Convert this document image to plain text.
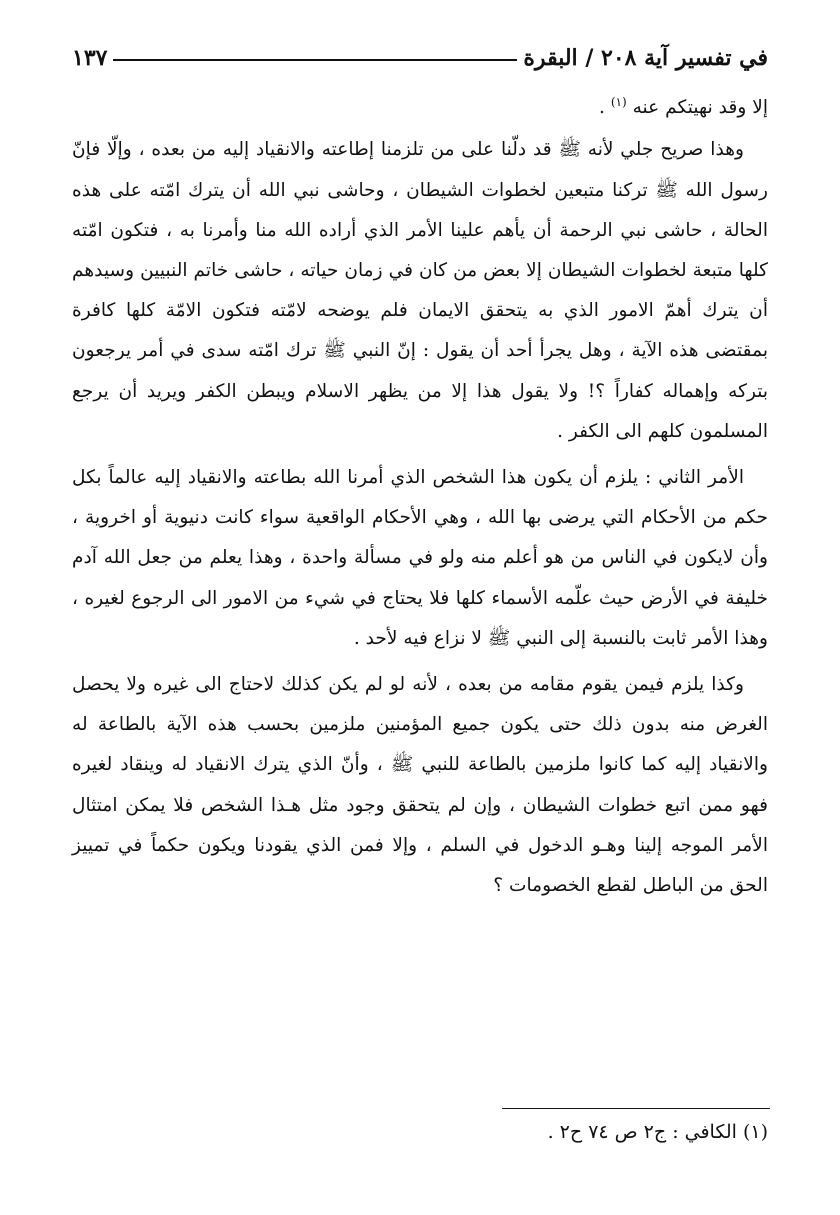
في تفسير آية ٢٠٨ / البقرة
١٣٧

إلا وقد نهيتكم عنه $^{(١)}$ .

وهذا صريح جلي لأنه ﷺ قد دلّنا على من تلزمنا إطاعته والانقياد إليه من بعده ، وإلّا فإنّ رسول الله ﷺ تركنا متبعين لخطوات الشيطان ، وحاشى نبي الله أن يترك امّته على هذه الحالة ، حاشى نبي الرحمة أن يأهم علينا الأمر الذي أراده الله منا وأمرنا به ، فتكون امّته كلها متبعة لخطوات الشيطان إلا بعض من كان في زمان حياته ، حاشى خاتم النبيين وسيدهم أن يترك أهمّ الامور الذي به يتحقق الايمان فلم يوضحه لامّته فتكون الامّة كلها كافرة بمقتضى هذه الآية ، وهل يجرأ أحد أن يقول : إنّ النبي ﷺ ترك امّته سدى في أمر يرجعون بتركه وإهماله كفاراً ؟! ولا يقول هذا إلا من يظهر الاسلام ويبطن الكفر ويريد أن يرجع المسلمون كلهم الى الكفر .

الأمر الثاني : يلزم أن يكون هذا الشخص الذي أمرنا الله بطاعته والانقياد إليه عالماً بكل حكم من الأحكام التي يرضى بها الله ، وهي الأحكام الواقعية سواء كانت دنيوية أو اخروية ، وأن لايكون في الناس من هو أعلم منه ولو في مسألة واحدة ، وهذا يعلم من جعل الله آدم خليفة في الأرض حيث علّمه الأسماء كلها فلا يحتاج في شيء من الامور الى الرجوع لغيره ، وهذا الأمر ثابت بالنسبة إلى النبي ﷺ لا نزاع فيه لأحد .

وكذا يلزم فيمن يقوم مقامه من بعده ، لأنه لو لم يكن كذلك لاحتاج الى غيره ولا يحصل الغرض منه بدون ذلك حتى يكون جميع المؤمنين ملزمين بحسب هذه الآية بالطاعة له والانقياد إليه كما كانوا ملزمين بالطاعة للنبي ﷺ ، وأنّ الذي يترك الانقياد له وينقاد لغيره فهو ممن اتبع خطوات الشيطان ، وإن لم يتحقق وجود مثل هـذا الشخص فلا يمكن امتثال الأمر الموجه إلينا وهـو الدخول في السلم ، وإلا فمن الذي يقودنا ويكون حكماً في تمييز الحق من الباطل لقطع الخصومات ؟

(١) الكافي : ج٢ ص ٧٤ ح٢ .
